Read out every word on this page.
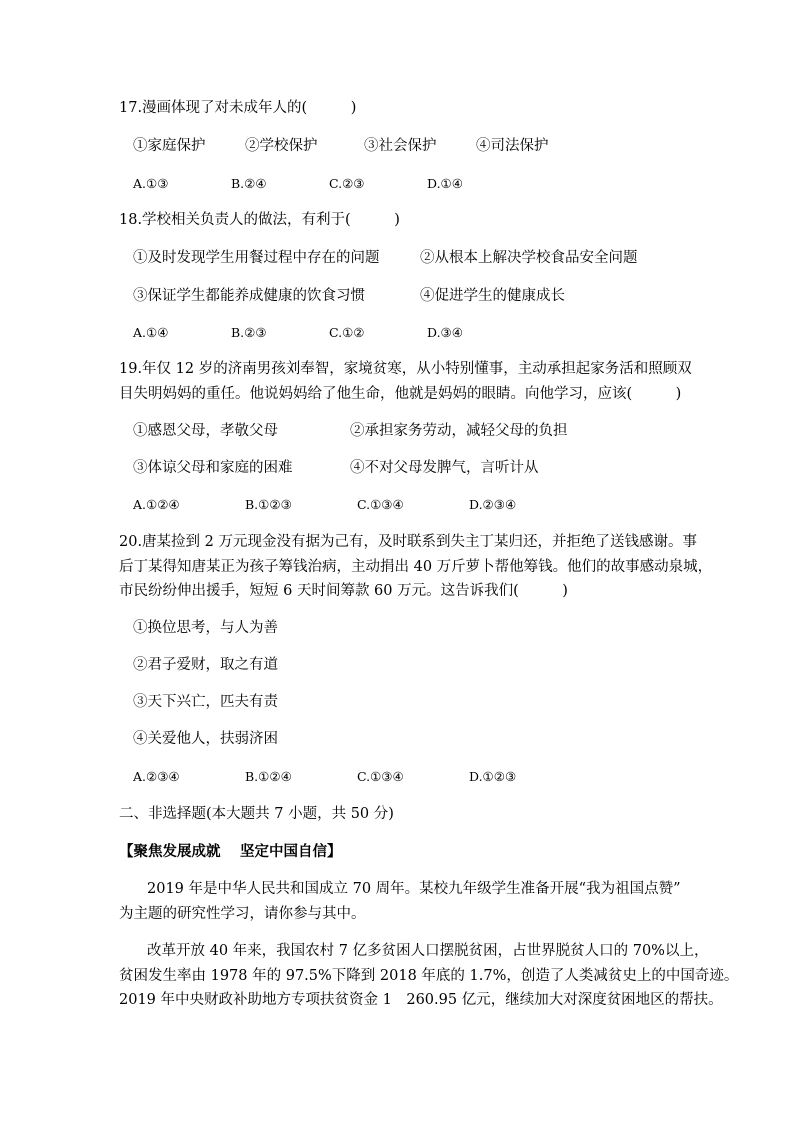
17.漫画体现了对未成年人的(　　　)
①家庭保护	②学校保护	③社会保护	④司法保护
A.①③	B.②④	C.②③	D.①④
18.学校相关负责人的做法，有利于(　　　)
①及时发现学生用餐过程中存在的问题	②从根本上解决学校食品安全问题
③保证学生都能养成健康的饮食习惯	④促进学生的健康成长
A.①④	B.②③	C.①②	D.③④
19.年仅 12 岁的济南男孩刘奉智，家境贫寒，从小特别懂事，主动承担起家务活和照顾双
目失明妈妈的重任。他说妈妈给了他生命，他就是妈妈的眼睛。向他学习，应该(　　　)
①感恩父母，孝敬父母	②承担家务劳动，减轻父母的负担
③体谅父母和家庭的困难	④不对父母发脾气，言听计从
A.①②④	B.①②③	C.①③④	D.②③④
20.唐某捡到 2 万元现金没有据为己有，及时联系到失主丁某归还，并拒绝了送钱感谢。事
后丁某得知唐某正为孩子筹钱治病，主动捐出 40 万斤萝卜帮他筹钱。他们的故事感动泉城，
市民纷纷伸出援手，短短 6 天时间筹款 60 万元。这告诉我们(　　　)
①换位思考，与人为善
②君子爱财，取之有道
③天下兴亡，匹夫有责
④关爱他人，扶弱济困
A.②③④	B.①②④	C.①③④	D.①②③
二、非选择题(本大题共 7 小题，共 50 分)
【聚焦发展成就　 坚定中国自信】
2019 年是中华人民共和国成立 70 周年。某校九年级学生准备开展“我为祖国点赞”
为主题的研究性学习，请你参与其中。
改革开放 40 年来，我国农村 7 亿多贫困人口摆脱贫困，占世界脱贫人口的 70%以上，
贫困发生率由 1978 年的 97.5%下降到 2018 年底的 1.7%，创造了人类减贫史上的中国奇迹。
2019 年中央财政补助地方专项扶贫资金 1　260.95 亿元，继续加大对深度贫困地区的帮扶。
